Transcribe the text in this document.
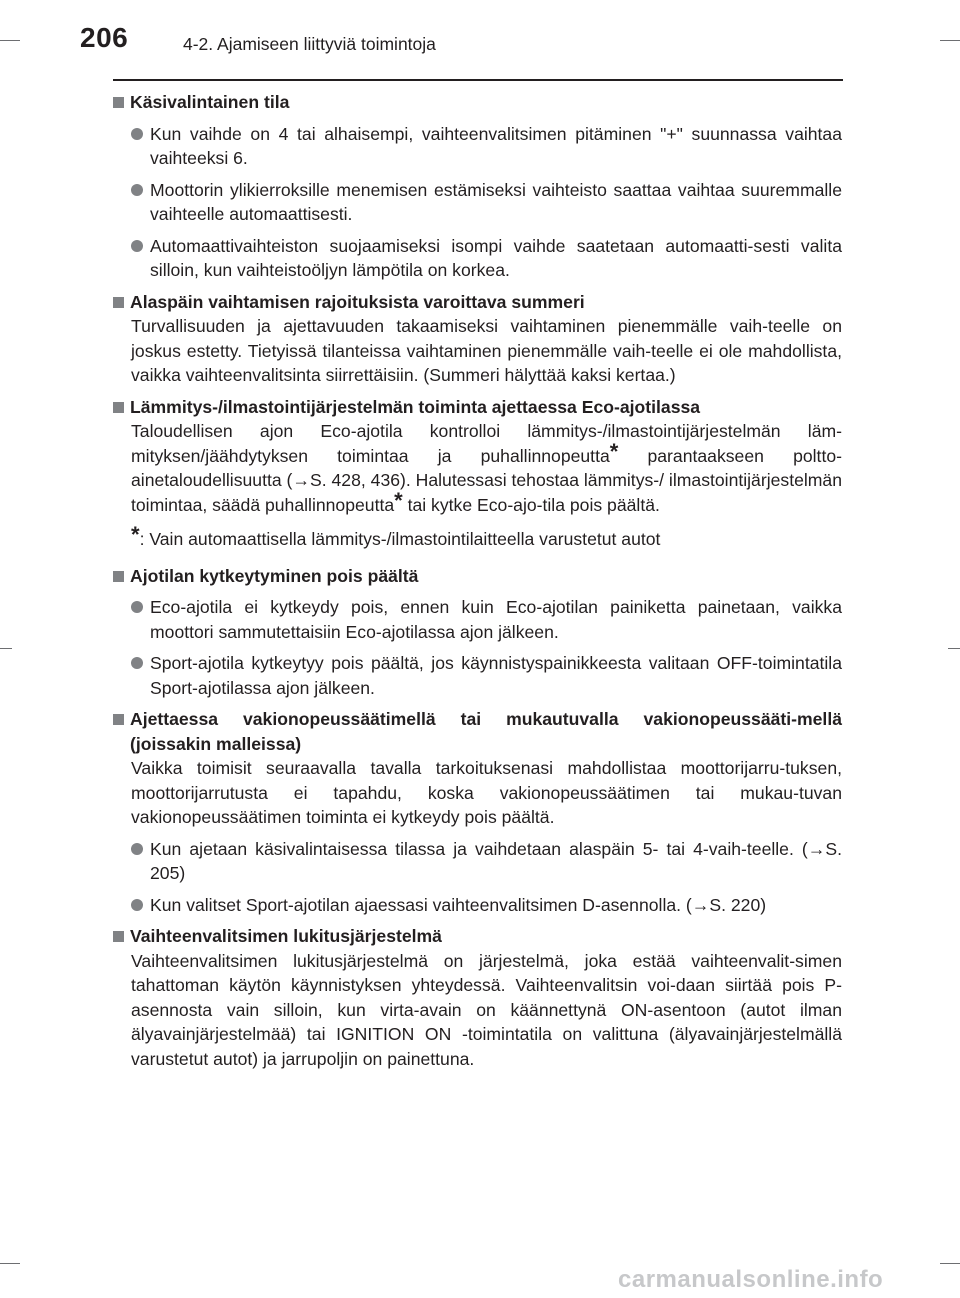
206	4-2. Ajamiseen liittyviä toimintoja
Käsivalintainen tila
Kun vaihde on 4 tai alhaisempi, vaihteenvalitsimen pitäminen "+" suunnassa vaihtaa vaihteeksi 6.
Moottorin ylikierroksille menemisen estämiseksi vaihteisto saattaa vaihtaa suuremmalle vaihteelle automaattisesti.
Automaattivaihteiston suojaamiseksi isompi vaihde saatetaan automaatti-sesti valita silloin, kun vaihteistoöljyn lämpötila on korkea.
Alaspäin vaihtamisen rajoituksista varoittava summeri
Turvallisuuden ja ajettavuuden takaamiseksi vaihtaminen pienemmälle vaih-teelle on joskus estetty. Tietyissä tilanteissa vaihtaminen pienemmälle vaih-teelle ei ole mahdollista, vaikka vaihteenvalitsinta siirrettäisiin. (Summeri hälyttää kaksi kertaa.)
Lämmitys-/ilmastointijärjestelmän toiminta ajettaessa Eco-ajotilassa
Taloudellisen ajon Eco-ajotila kontrolloi lämmitys-/ilmastointijärjestelmän läm-mityksen/jäähdytyksen toimintaa ja puhallinnopeutta* parantaakseen poltto-ainetaloudellisuutta (→S. 428, 436). Halutessasi tehostaa lämmitys-/ ilmastointijärjestelmän toimintaa, säädä puhallinnopeutta* tai kytke Eco-ajo-tila pois päältä.
*: Vain automaattisella lämmitys-/ilmastointilaitteella varustetut autot
Ajotilan kytkeytyminen pois päältä
Eco-ajotila ei kytkeydy pois, ennen kuin Eco-ajotilan painiketta painetaan, vaikka moottori sammutettaisiin Eco-ajotilassa ajon jälkeen.
Sport-ajotila kytkeytyy pois päältä, jos käynnistyspainikkeesta valitaan OFF-toimintatila Sport-ajotilassa ajon jälkeen.
Ajettaessa vakionopeussäätimellä tai mukautuvalla vakionopeussääti-mellä (joissakin malleissa)
Vaikka toimisit seuraavalla tavalla tarkoituksenasi mahdollistaa moottorijarru-tuksen, moottorijarrutusta ei tapahdu, koska vakionopeussäätimen tai mukau-tuvan vakionopeussäätimen toiminta ei kytkeydy pois päältä.
Kun ajetaan käsivalintaisessa tilassa ja vaihdetaan alaspäin 5- tai 4-vaih-teelle. (→S. 205)
Kun valitset Sport-ajotilan ajaessasi vaihteenvalitsimen D-asennolla. (→S. 220)
Vaihteenvalitsimen lukitusjärjestelmä
Vaihteenvalitsimen lukitusjärjestelmä on järjestelmä, joka estää vaihteenvalit-simen tahattoman käytön käynnistyksen yhteydessä. Vaihteenvalitsin voi-daan siirtää pois P-asennosta vain silloin, kun virta-avain on käännettynä ON-asentoon (autot ilman älyavainjärjestelmää) tai IGNITION ON -toimintatila on valittuna (älyavainjärjestelmällä varustetut autot) ja jarrupoljin on painettuna.
carmanualsonline.info
